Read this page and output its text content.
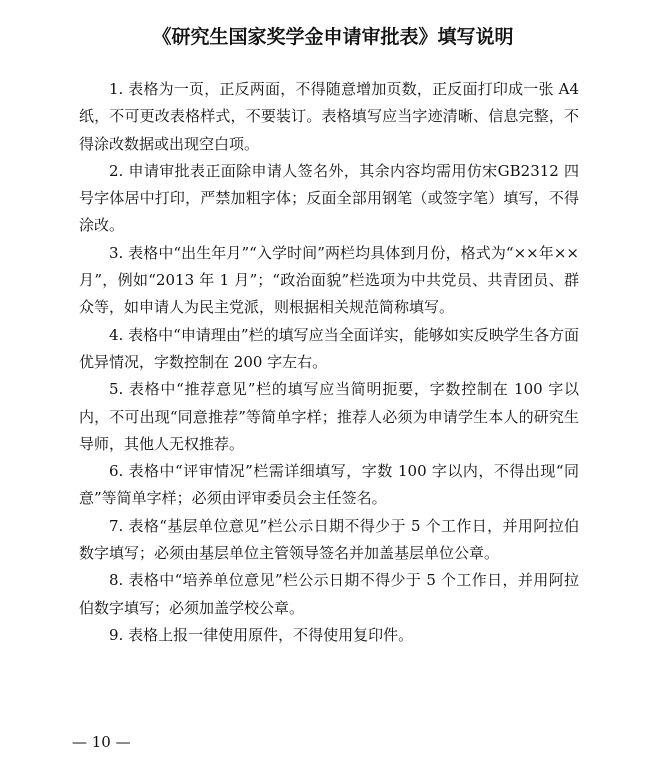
《研究生国家奖学金申请审批表》填写说明

1. 表格为一页，正反两面，不得随意增加页数，正反面打印成一张 A4 纸，不可更改表格样式，不要装订。表格填写应当字迹清晰、信息完整，不得涂改数据或出现空白项。

2. 申请审批表正面除申请人签名外，其余内容均需用仿宋GB2312 四号字体居中打印，严禁加粗字体；反面全部用钢笔（或签字笔）填写，不得涂改。

3. 表格中“出生年月”“入学时间”两栏均具体到月份，格式为“××年××月”，例如“2013 年 1 月”；“政治面貌”栏选项为中共党员、共青团员、群众等，如申请人为民主党派，则根据相关规范简称填写。

4. 表格中“申请理由”栏的填写应当全面详实，能够如实反映学生各方面优异情况，字数控制在 200 字左右。

5. 表格中“推荐意见”栏的填写应当简明扼要，字数控制在 100 字以内，不可出现“同意推荐”等简单字样；推荐人必须为申请学生本人的研究生导师，其他人无权推荐。

6. 表格中“评审情况”栏需详细填写，字数 100 字以内，不得出现“同意”等简单字样；必须由评审委员会主任签名。

7. 表格“基层单位意见”栏公示日期不得少于 5 个工作日，并用阿拉伯数字填写；必须由基层单位主管领导签名并加盖基层单位公章。

8. 表格中“培养单位意见”栏公示日期不得少于 5 个工作日，并用阿拉伯数字填写；必须加盖学校公章。

9. 表格上报一律使用原件，不得使用复印件。

— 10 —
